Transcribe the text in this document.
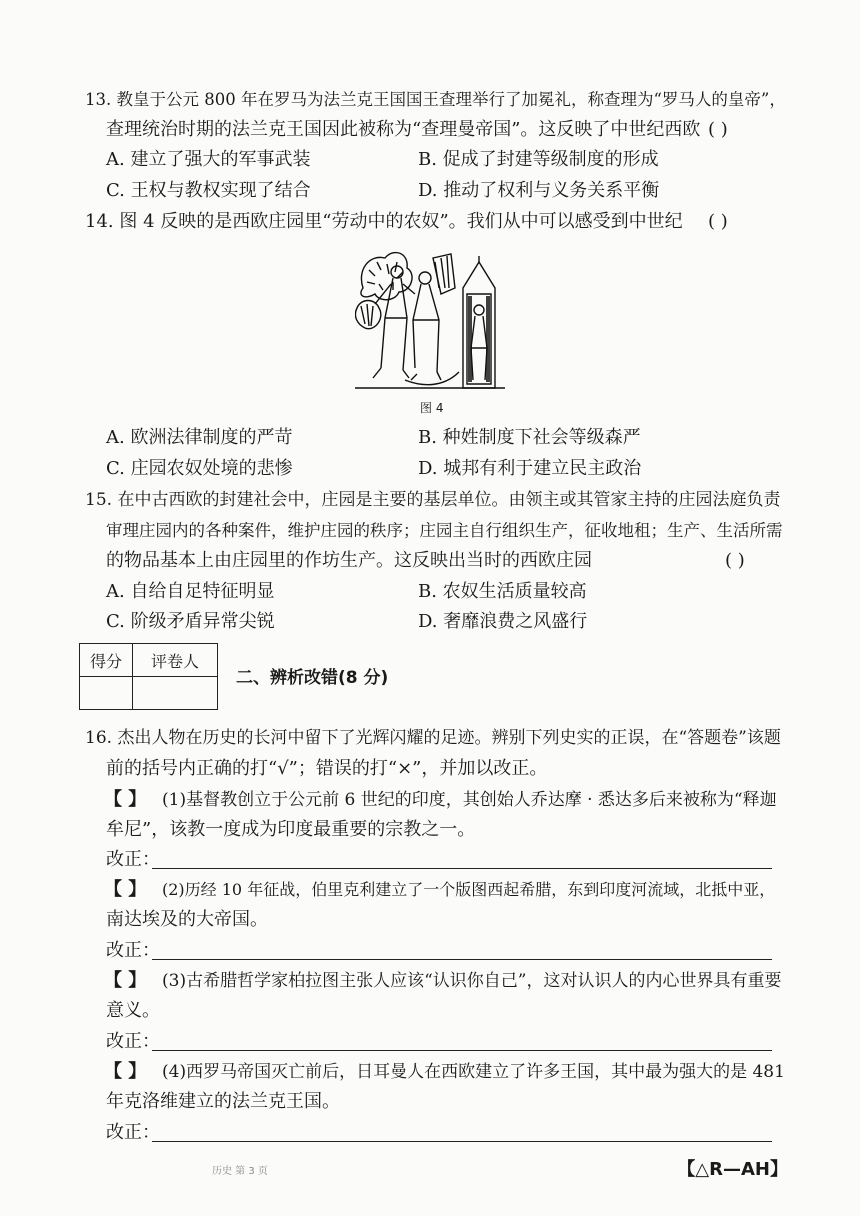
13. 教皇于公元 800 年在罗马为法兰克王国国王查理举行了加冕礼，称查理为“罗马人的皇帝”，
查理统治时期的法兰克王国因此被称为“查理曼帝国”。这反映了中世纪西欧 ( )
A. 建立了强大的军事武装	B. 促成了封建等级制度的形成
C. 王权与教权实现了结合	D. 推动了权利与义务关系平衡
14. 图 4 反映的是西欧庄园里“劳动中的农奴”。我们从中可以感受到中世纪 ( )
图 4
A. 欧洲法律制度的严苛	B. 种姓制度下社会等级森严
C. 庄园农奴处境的悲惨	D. 城邦有利于建立民主政治
15. 在中古西欧的封建社会中，庄园是主要的基层单位。由领主或其管家主持的庄园法庭负责
审理庄园内的各种案件，维护庄园的秩序；庄园主自行组织生产，征收地租；生产、生活所需
的物品基本上由庄园里的作坊生产。这反映出当时的西欧庄园	( )
A. 自给自足特征明显	B. 农奴生活质量较高
C. 阶级矛盾异常尖锐	D. 奢靡浪费之风盛行
得分	评卷人

二、辨析改错(8 分)
16. 杰出人物在历史的长河中留下了光辉闪耀的足迹。辨别下列史实的正误，在“答题卷”该题
前的括号内正确的打“√”；错误的打“×”，并加以改正。
【 】 (1)基督教创立于公元前 6 世纪的印度，其创始人乔达摩 · 悉达多后来被称为“释迦
牟尼”，该教一度成为印度最重要的宗教之一。
改正：
【 】 (2)历经 10 年征战，伯里克利建立了一个版图西起希腊，东到印度河流域，北抵中亚，
南达埃及的大帝国。
改正：
【 】 (3)古希腊哲学家柏拉图主张人应该“认识你自己”，这对认识人的内心世界具有重要
意义。
改正：
【 】 (4)西罗马帝国灭亡前后，日耳曼人在西欧建立了许多王国，其中最为强大的是 481
年克洛维建立的法兰克王国。
改正：
历史 第 3 页	【△R—AH】
